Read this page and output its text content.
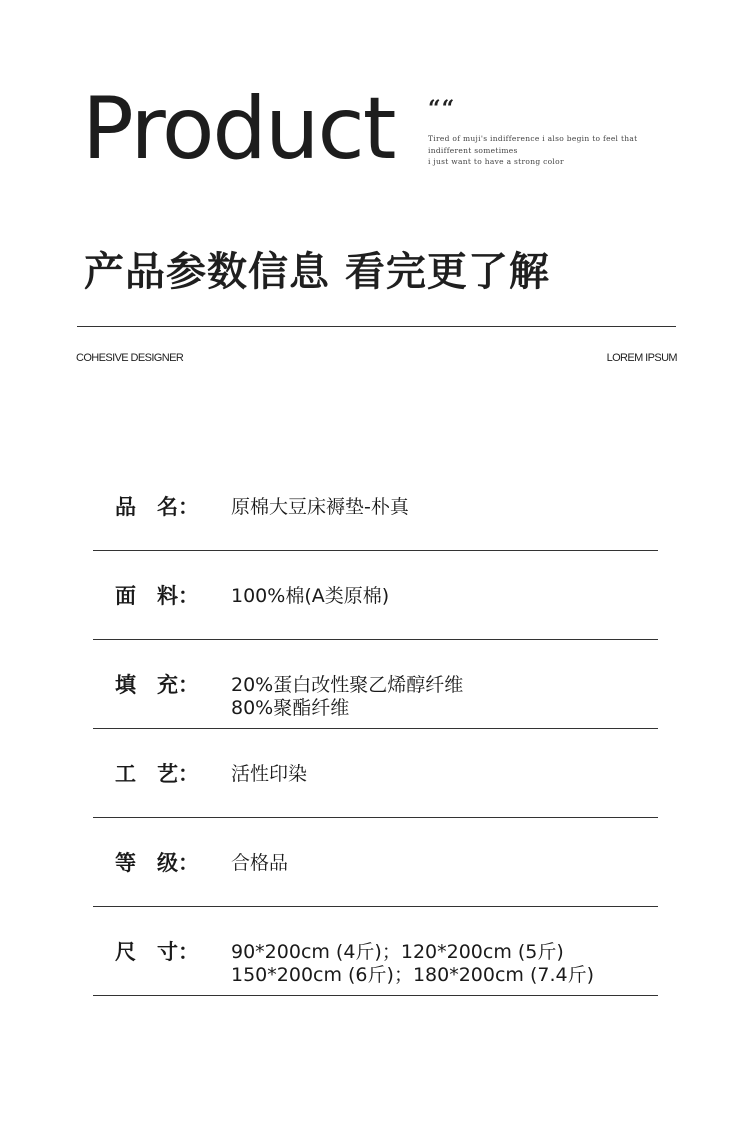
Product ““
Tired of muji's indifference i also begin to feel that
indifferent sometimes
i just want to have a strong color
产品参数信息 看完更了解
COHESIVE DESIGNER	LOREM IPSUM
品　名： 原棉大豆床褥垫-朴真
面　料： 100%棉(A类原棉)
填　充： 20%蛋白改性聚乙烯醇纤维
80%聚酯纤维
工　艺： 活性印染
等　级： 合格品
尺　寸： 90*200cm (4斤)；120*200cm (5斤)
150*200cm (6斤)；180*200cm (7.4斤)
